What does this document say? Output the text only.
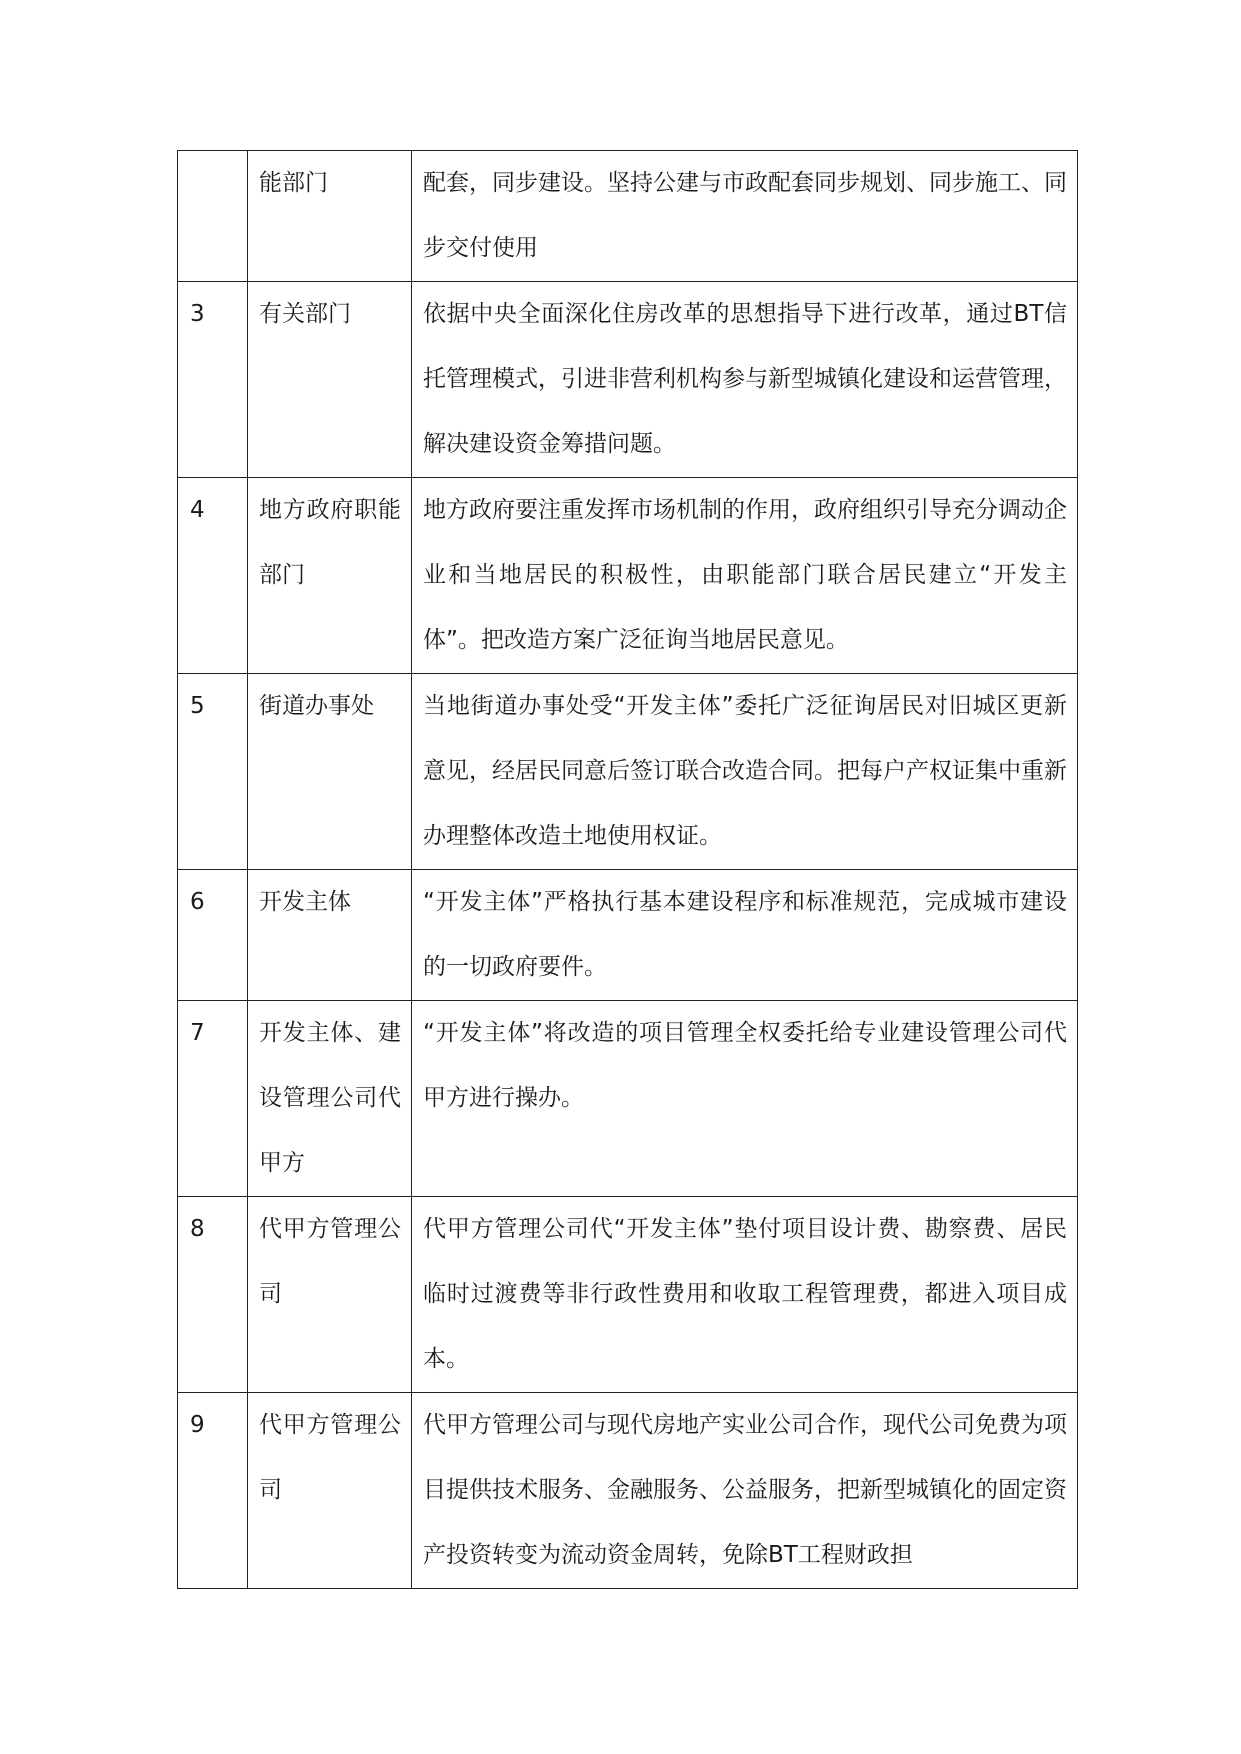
	能部门	配套，同步建设。坚持公建与市政配套同步规划、同步施工、同步交付使用
3	有关部门	依据中央全面深化住房改革的思想指导下进行改革，通过BT信托管理模式，引进非营利机构参与新型城镇化建设和运营管理，解决建设资金筹措问题。
4	地方政府职能部门	地方政府要注重发挥市场机制的作用，政府组织引导充分调动企业和当地居民的积极性，由职能部门联合居民建立“开发主体”。把改造方案广泛征询当地居民意见。
5	街道办事处	当地街道办事处受“开发主体”委托广泛征询居民对旧城区更新意见，经居民同意后签订联合改造合同。把每户产权证集中重新办理整体改造土地使用权证。
6	开发主体	“开发主体”严格执行基本建设程序和标准规范，完成城市建设的一切政府要件。
7	开发主体、建设管理公司代甲方	“开发主体”将改造的项目管理全权委托给专业建设管理公司代甲方进行操办。
8	代甲方管理公司	代甲方管理公司代“开发主体”垫付项目设计费、勘察费、居民临时过渡费等非行政性费用和收取工程管理费，都进入项目成本。
9	代甲方管理公司	代甲方管理公司与现代房地产实业公司合作，现代公司免费为项目提供技术服务、金融服务、公益服务，把新型城镇化的固定资产投资转变为流动资金周转，免除BT工程财政担
